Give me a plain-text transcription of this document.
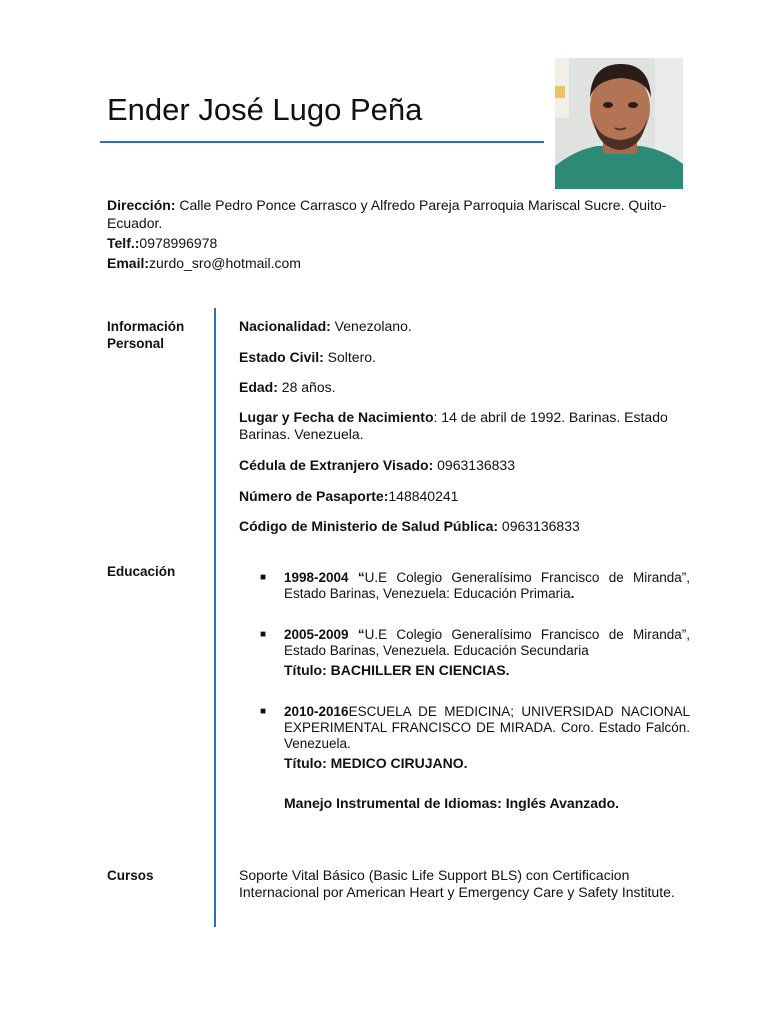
Ender José Lugo Peña
Dirección: Calle Pedro Ponce Carrasco y Alfredo Pareja Parroquia Mariscal Sucre. Quito-Ecuador.
Telf.:0978996978
Email:zurdo_sro@hotmail.com
Información Personal
Educación
Cursos
Nacionalidad: Venezolano.
Estado Civil: Soltero.
Edad: 28 años.
Lugar y Fecha de Nacimiento: 14 de abril de 1992. Barinas. Estado Barinas. Venezuela.
Cédula de Extranjero Visado: 0963136833
Número de Pasaporte:148840241
Código de Ministerio de Salud Pública: 0963136833
■ 1998-2004 “U.E Colegio Generalísimo Francisco de Miranda”, Estado Barinas, Venezuela: Educación Primaria.
■ 2005-2009 “U.E Colegio Generalísimo Francisco de Miranda”, Estado Barinas, Venezuela. Educación Secundaria
Título: BACHILLER EN CIENCIAS.
■ 2010-2016ESCUELA DE MEDICINA; UNIVERSIDAD NACIONAL EXPERIMENTAL FRANCISCO DE MIRADA. Coro. Estado Falcón. Venezuela.
Título: MEDICO CIRUJANO.
Manejo Instrumental de Idiomas: Inglés Avanzado.
Soporte Vital Básico (Basic Life Support BLS) con Certificacion Internacional por American Heart y Emergency Care y Safety Institute.
